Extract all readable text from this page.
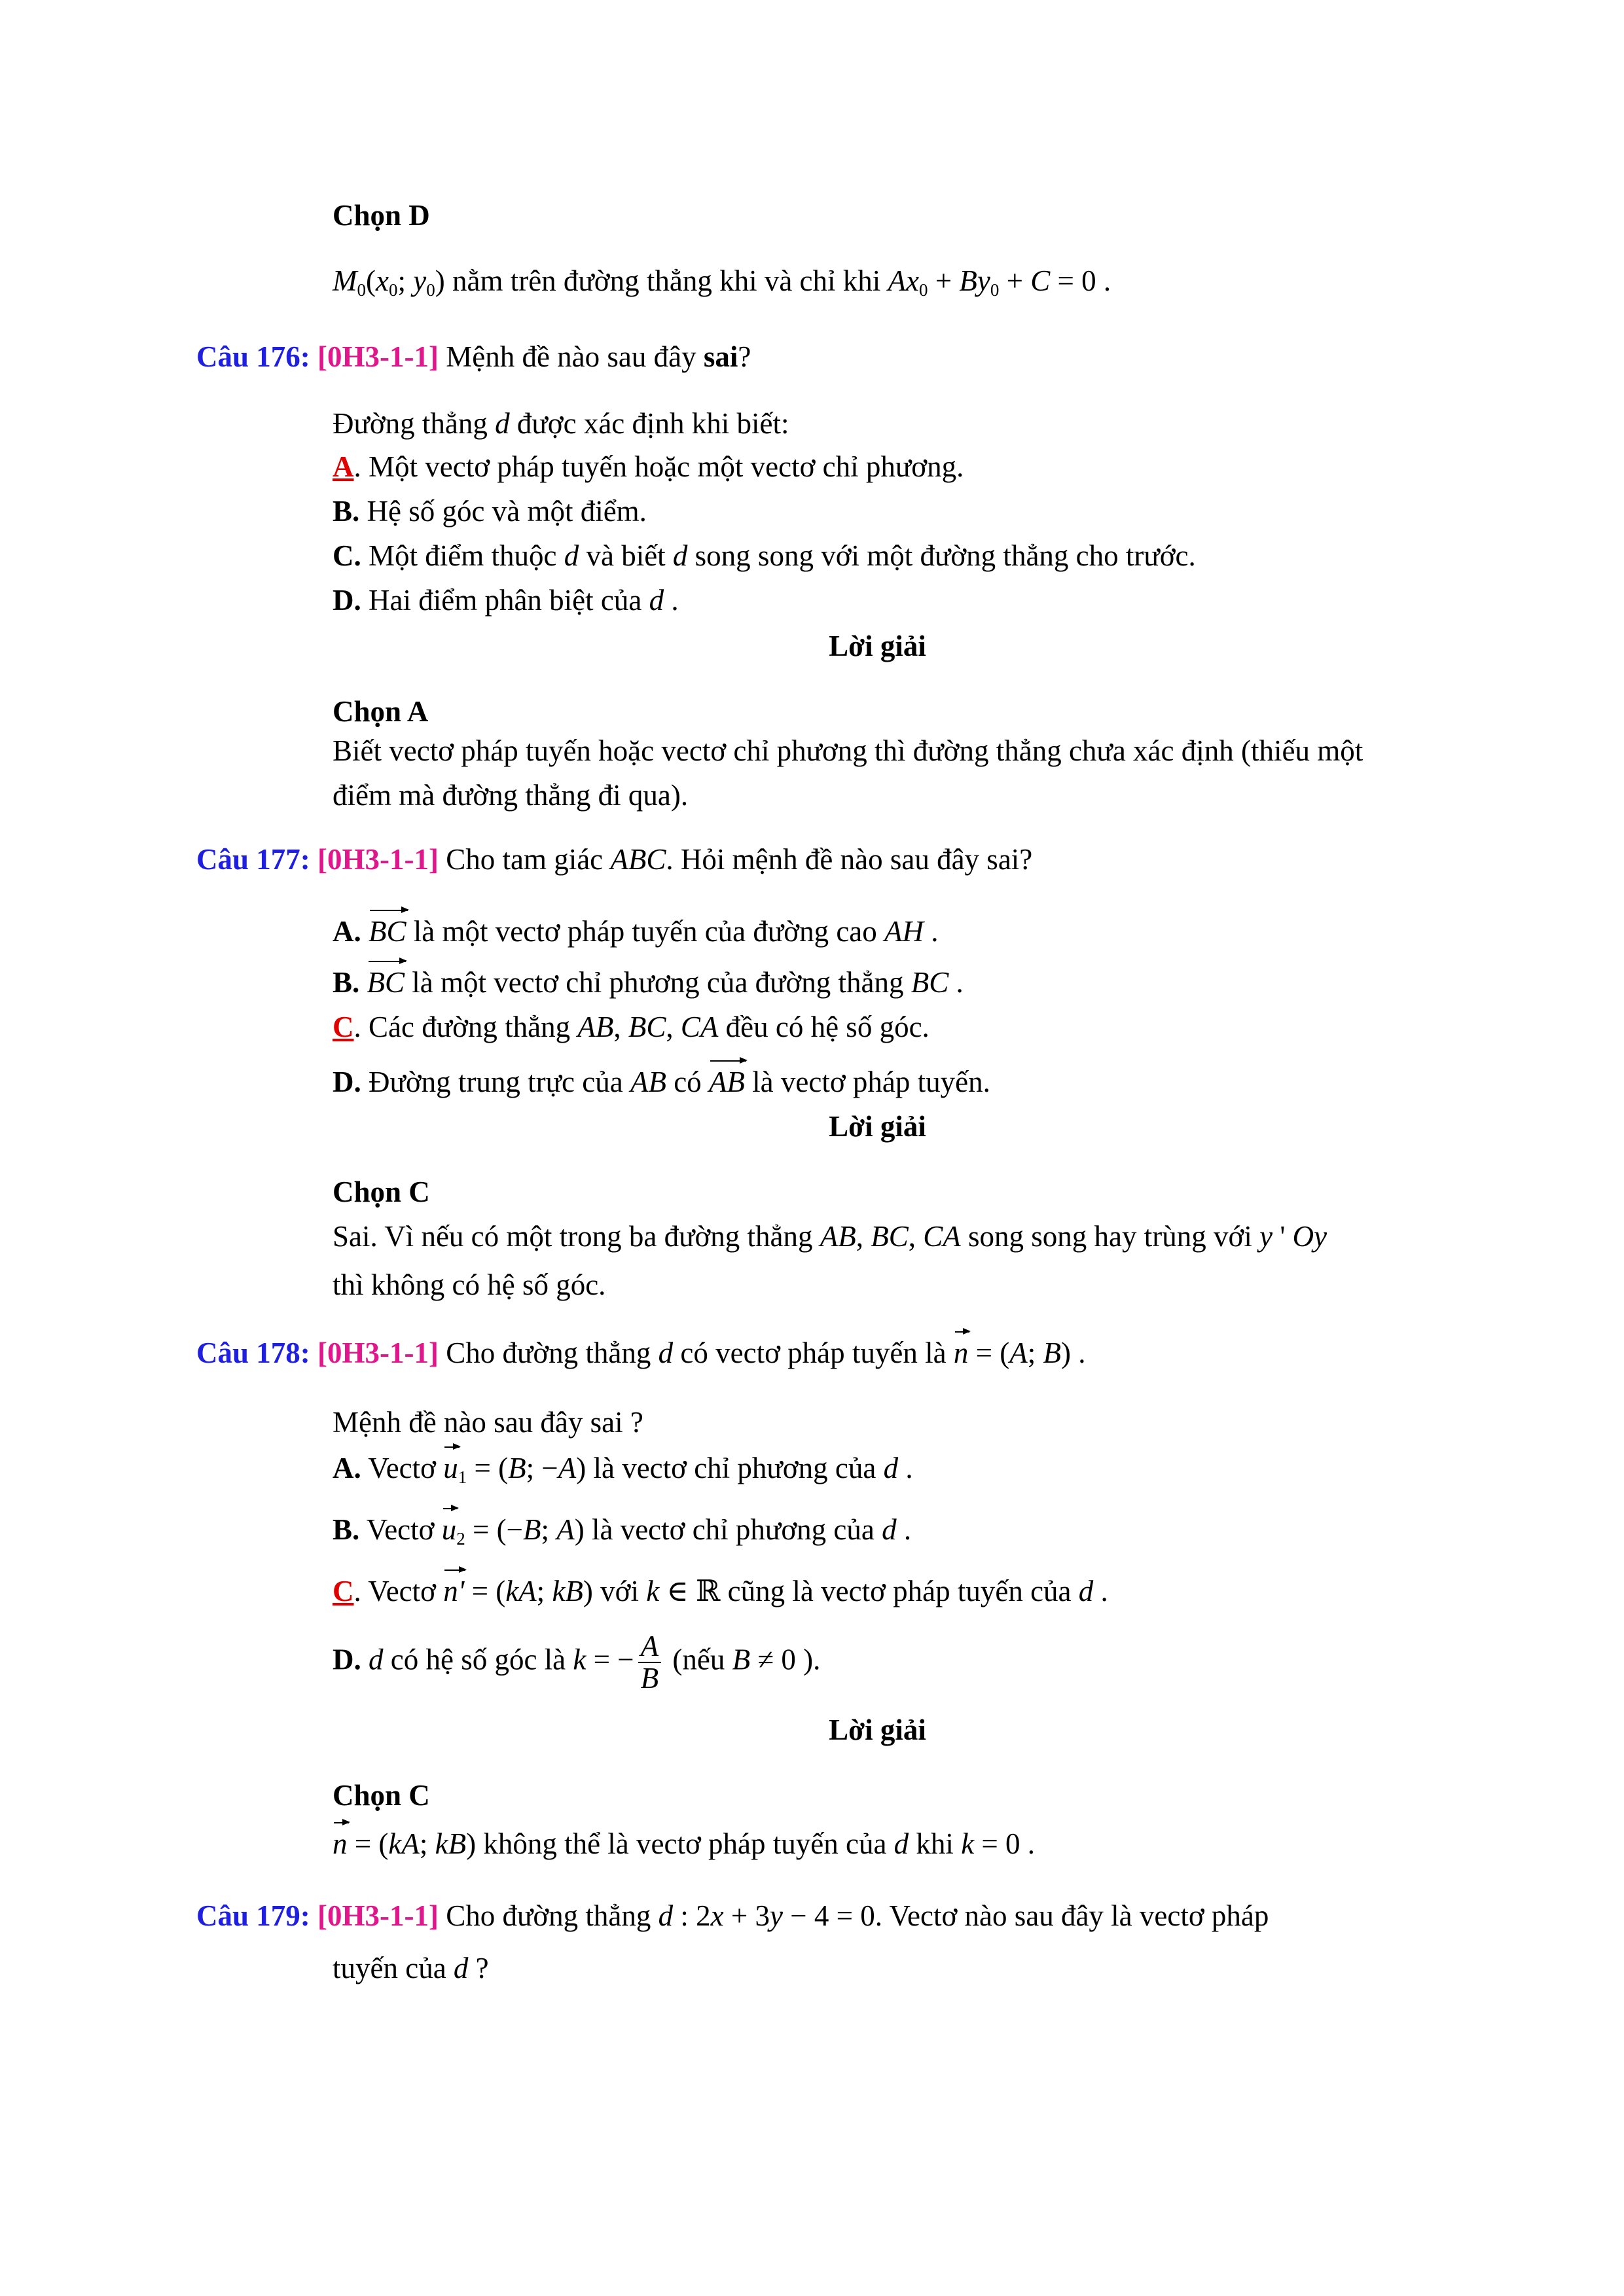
Chọn D
$M_0(x_0$; $y_0$) nằm trên đường thẳng khi và chỉ khi $Ax_0 + By_0 + C = 0$ .
Câu 176: [0H3-1-1] Mệnh đề nào sau đây sai?
Đường thẳng d được xác định khi biết:
A. Một vectơ pháp tuyến hoặc một vectơ chỉ phương.
B. Hệ số góc và một điểm.
C. Một điểm thuộc d và biết d song song với một đường thẳng cho trước.
D. Hai điểm phân biệt của d .
Lời giải
Chọn A
Biết vectơ pháp tuyến hoặc vectơ chỉ phương thì đường thẳng chưa xác định (thiếu một điểm mà đường thẳng đi qua).
Câu 177: [0H3-1-1] Cho tam giác ABC. Hỏi mệnh đề nào sau đây sai?
A. BC là một vectơ pháp tuyến của đường cao AH .
B. BC là một vectơ chỉ phương của đường thẳng BC .
C. Các đường thẳng AB, BC, CA đều có hệ số góc.
D. Đường trung trực của AB có AB là vectơ pháp tuyến.
Lời giải
Chọn C
Sai. Vì nếu có một trong ba đường thẳng AB, BC, CA song song hay trùng với y ' Oy
thì không có hệ số góc.
Câu 178: [0H3-1-1] Cho đường thẳng d có vectơ pháp tuyến là n = (A; B) .
Mệnh đề nào sau đây sai ?
A. Vectơ $u_1 = (B$; −A) là vectơ chỉ phương của d .
B. Vectơ $u_2 = (-B$; A) là vectơ chỉ phương của d .
C. Vectơ n' = (kA; kB) với k ∈ ℝ cũng là vectơ pháp tuyến của d .
D. d có hệ số góc là k = − $\frac{A}{B}$ (nếu B ≠ 0 ).
Lời giải
Chọn C
n = (kA; kB) không thể là vectơ pháp tuyến của d khi k = 0 .
Câu 179: [0H3-1-1] Cho đường thẳng d : 2x + 3y − 4 = 0. Vectơ nào sau đây là vectơ pháp
tuyến của d ?
